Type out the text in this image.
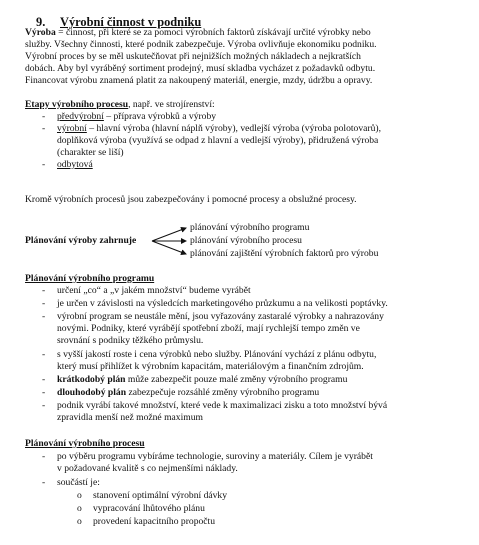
9. Výrobní činnost v podniku
Výroba = činnost, při které se za pomoci výrobních faktorů získávají určité výrobky nebo
služby. Všechny činnosti, které podnik zabezpečuje. Výroba ovlivňuje ekonomiku podniku.
Výrobní proces by se měl uskutečňovat při nejnižších možných nákladech a nejkratších
dobách. Aby byl vyráběný sortiment prodejný, musí skladba vycházet z požadavků odbytu.
Financovat výrobu znamená platit za nakoupený materiál, energie, mzdy, údržbu a opravy.
Etapy výrobního procesu, např. ve strojírenství:
- předvýrobní – příprava výrobků a výroby
- výrobní – hlavní výroba (hlavní náplň výroby), vedlejší výroba (výroba polotovarů),
doplňková výroba (využívá se odpad z hlavní a vedlejší výroby), přidružená výroba
(charakter se liší)
- odbytová
Kromě výrobních procesů jsou zabezpečovány i pomocné procesy a obslužné procesy.
Plánování výroby zahrnuje
plánování výrobního programu
plánování výrobního procesu
plánování zajištění výrobních faktorů pro výrobu
Plánování výrobního programu
- určení „co“ a „v jakém množství“ budeme vyrábět
- je určen v závislosti na výsledcích marketingového průzkumu a na velikosti poptávky.
- výrobní program se neustále mění, jsou vyřazovány zastaralé výrobky a nahrazovány
novými. Podniky, které vyrábějí spotřební zboží, mají rychlejší tempo změn ve
srovnání s podniky těžkého průmyslu.
- s vyšší jakostí roste i cena výrobků nebo služby. Plánování vychází z plánu odbytu,
který musí přihlížet k výrobním kapacitám, materiálovým a finančním zdrojům.
- krátkodobý plán může zabezpečit pouze malé změny výrobního programu
- dlouhodobý plán zabezpečuje rozsáhlé změny výrobního programu
- podnik vyrábí takové množství, které vede k maximalizaci zisku a toto množství bývá
zpravidla menší než možné maximum
Plánování výrobního procesu
- po výběru programu vybíráme technologie, suroviny a materiály. Cílem je vyrábět
v požadované kvalitě s co nejmenšími náklady.
- součástí je:
o stanovení optimální výrobní dávky
o vypracování lhůtového plánu
o provedení kapacitního propočtu
